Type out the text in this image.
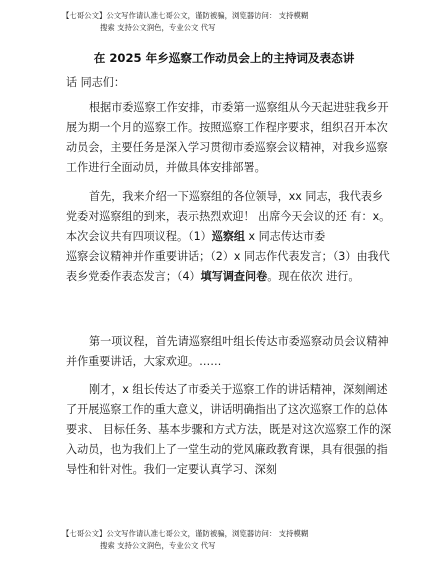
【七哥公文】公文写作请认准七哥公文，谨防被骗，浏览器访问： 支持模糊
搜索 支持公文润色，专业公文 代写
在 2025 年乡巡察工作动员会上的主持词及表态讲
话 同志们：
根据市委巡察工作安排，市委第一巡察组从今天起进驻我乡开展为期一个月的巡察工作。按照巡察工作程序要求，组织召开本次动员会，主要任务是深入学习贯彻市委巡察会议精神，对我乡巡察工作进行全面动员，并做具体安排部署。
首先，我来介绍一下巡察组的各位领导，xx 同志，我代表乡党委对巡察组的到来，表示热烈欢迎！ 出席今天会议的还 有：x。本次会议共有四项议程。（1）巡察组 x 同志传达市委
巡察会议精神并作重要讲话；（2）x 同志作代表发言；（3）由我代表乡党委作表态发言；（4）填写调查问卷。现在依次 进行。
第一项议程，首先请巡察组叶组长传达市委巡察动员会议精神并作重要讲话，大家欢迎。……
刚才，x 组长传达了市委关于巡察工作的讲话精神，深刻阐述了开展巡察工作的重大意义，讲话明确指出了这次巡察工作的总体要求、 目标任务、基本步骤和方式方法，既是对这次巡察工作的深入动员，也为我们上了一堂生动的党风廉政教育课，具有很强的指导性和针对性。我们一定要认真学习、深刻
【七哥公文】公文写作请认准七哥公文，谨防被骗，浏览器访问： 支持模糊
搜索 支持公文润色，专业公文 代写
